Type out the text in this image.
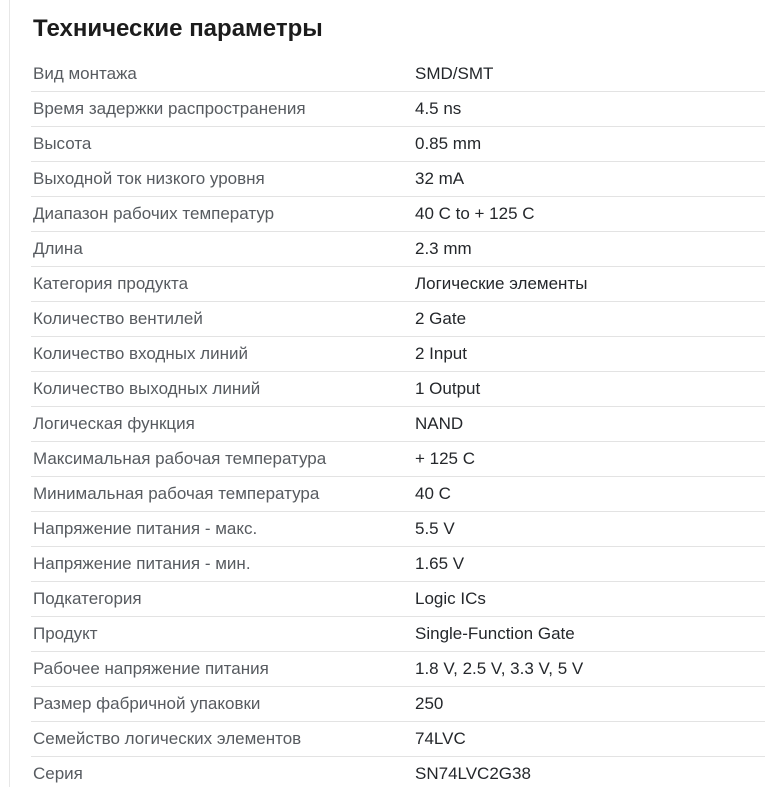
Технические параметры
Вид монтажа	SMD/SMT
Время задержки распространения	4.5 ns
Высота	0.85 mm
Выходной ток низкого уровня	32 mA
Диапазон рабочих температур	40 C to + 125 C
Длина	2.3 mm
Категория продукта	Логические элементы
Количество вентилей	2 Gate
Количество входных линий	2 Input
Количество выходных линий	1 Output
Логическая функция	NAND
Максимальная рабочая температура	+ 125 C
Минимальная рабочая температура	40 C
Напряжение питания - макс.	5.5 V
Напряжение питания - мин.	1.65 V
Подкатегория	Logic ICs
Продукт	Single-Function Gate
Рабочее напряжение питания	1.8 V, 2.5 V, 3.3 V, 5 V
Размер фабричной упаковки	250
Семейство логических элементов	74LVC
Серия	SN74LVC2G38
